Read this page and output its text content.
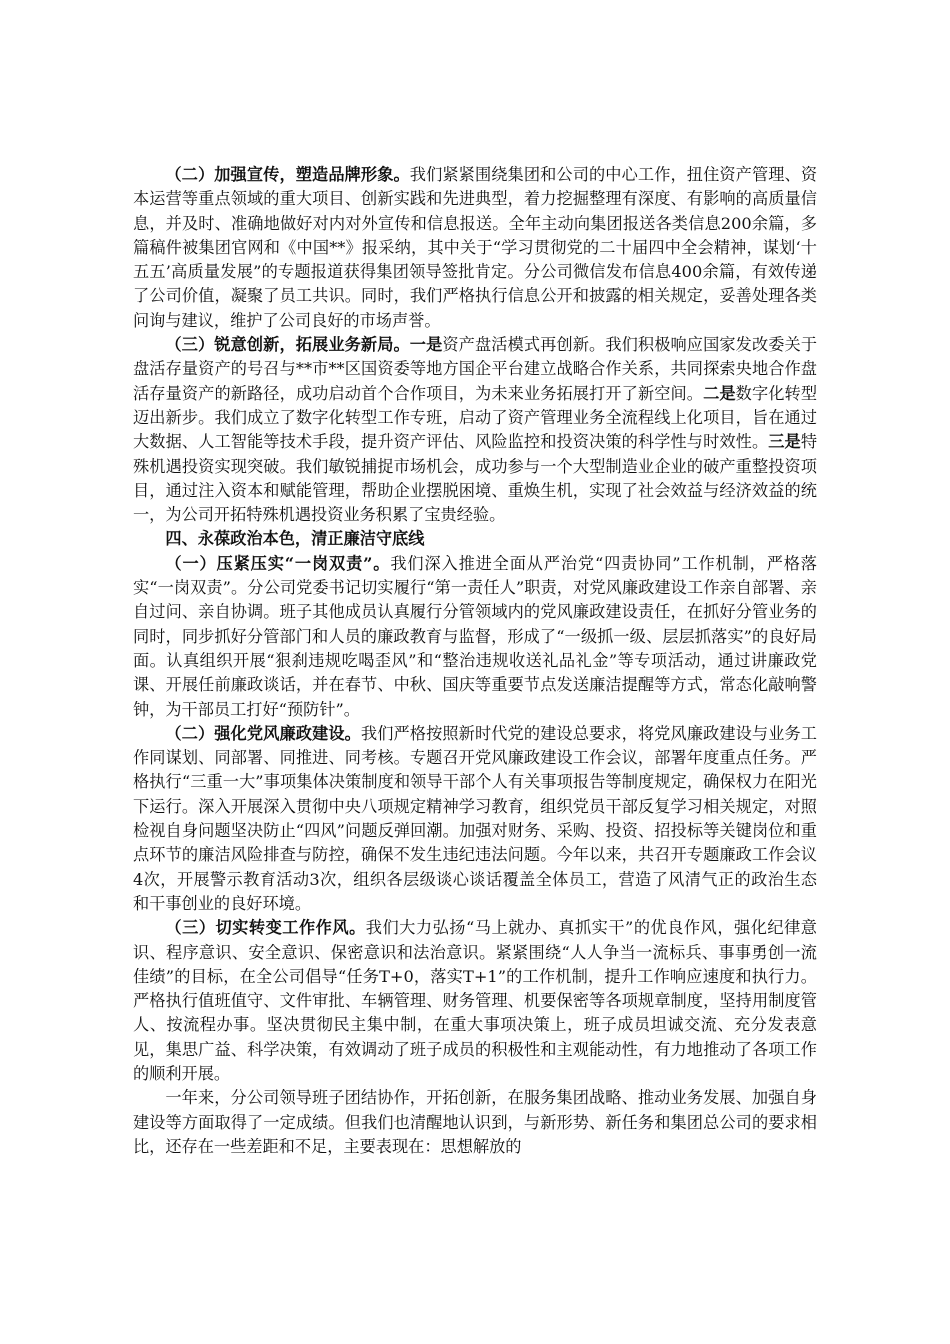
（二）加强宣传，塑造品牌形象。我们紧紧围绕集团和公司的中心工作，扭住资产管理、资本运营等重点领域的重大项目、创新实践和先进典型，着力挖掘整理有深度、有影响的高质量信息，并及时、准确地做好对内对外宣传和信息报送。全年主动向集团报送各类信息200余篇，多篇稿件被集团官网和《中国**》报采纳，其中关于“学习贯彻党的二十届四中全会精神，谋划‘十五五’高质量发展”的专题报道获得集团领导签批肯定。分公司微信发布信息400余篇，有效传递了公司价值，凝聚了员工共识。同时，我们严格执行信息公开和披露的相关规定，妥善处理各类问询与建议，维护了公司良好的市场声誉。

（三）锐意创新，拓展业务新局。一是资产盘活模式再创新。我们积极响应国家发改委关于盘活存量资产的号召与**市**区国资委等地方国企平台建立战略合作关系，共同探索央地合作盘活存量资产的新路径，成功启动首个合作项目，为未来业务拓展打开了新空间。二是数字化转型迈出新步。我们成立了数字化转型工作专班，启动了资产管理业务全流程线上化项目，旨在通过大数据、人工智能等技术手段，提升资产评估、风险监控和投资决策的科学性与时效性。三是特殊机遇投资实现突破。我们敏锐捕捉市场机会，成功参与一个大型制造业企业的破产重整投资项目，通过注入资本和赋能管理，帮助企业摆脱困境、重焕生机，实现了社会效益与经济效益的统一，为公司开拓特殊机遇投资业务积累了宝贵经验。

四、永葆政治本色，清正廉洁守底线

（一）压紧压实“一岗双责”。我们深入推进全面从严治党“四责协同”工作机制，严格落实“一岗双责”。分公司党委书记切实履行“第一责任人”职责，对党风廉政建设工作亲自部署、亲自过问、亲自协调。班子其他成员认真履行分管领域内的党风廉政建设责任，在抓好分管业务的同时，同步抓好分管部门和人员的廉政教育与监督，形成了“一级抓一级、层层抓落实”的良好局面。认真组织开展“狠刹违规吃喝歪风”和“整治违规收送礼品礼金”等专项活动，通过讲廉政党课、开展任前廉政谈话，并在春节、中秋、国庆等重要节点发送廉洁提醒等方式，常态化敲响警钟，为干部员工打好“预防针”。

（二）强化党风廉政建设。我们严格按照新时代党的建设总要求，将党风廉政建设与业务工作同谋划、同部署、同推进、同考核。专题召开党风廉政建设工作会议，部署年度重点任务。严格执行“三重一大”事项集体决策制度和领导干部个人有关事项报告等制度规定，确保权力在阳光下运行。深入开展深入贯彻中央八项规定精神学习教育，组织党员干部反复学习相关规定，对照检视自身问题坚决防止“四风”问题反弹回潮。加强对财务、采购、投资、招投标等关键岗位和重点环节的廉洁风险排查与防控，确保不发生违纪违法问题。今年以来，共召开专题廉政工作会议4次，开展警示教育活动3次，组织各层级谈心谈话覆盖全体员工，营造了风清气正的政治生态和干事创业的良好环境。

（三）切实转变工作作风。我们大力弘扬“马上就办、真抓实干”的优良作风，强化纪律意识、程序意识、安全意识、保密意识和法治意识。紧紧围绕“人人争当一流标兵、事事勇创一流佳绩”的目标，在全公司倡导“任务T+0，落实T+1”的工作机制，提升工作响应速度和执行力。严格执行值班值守、文件审批、车辆管理、财务管理、机要保密等各项规章制度，坚持用制度管人、按流程办事。坚决贯彻民主集中制，在重大事项决策上，班子成员坦诚交流、充分发表意见，集思广益、科学决策，有效调动了班子成员的积极性和主观能动性，有力地推动了各项工作的顺利开展。

一年来，分公司领导班子团结协作，开拓创新，在服务集团战略、推动业务发展、加强自身建设等方面取得了一定成绩。但我们也清醒地认识到，与新形势、新任务和集团总公司的要求相比，还存在一些差距和不足，主要表现在：思想解放的
